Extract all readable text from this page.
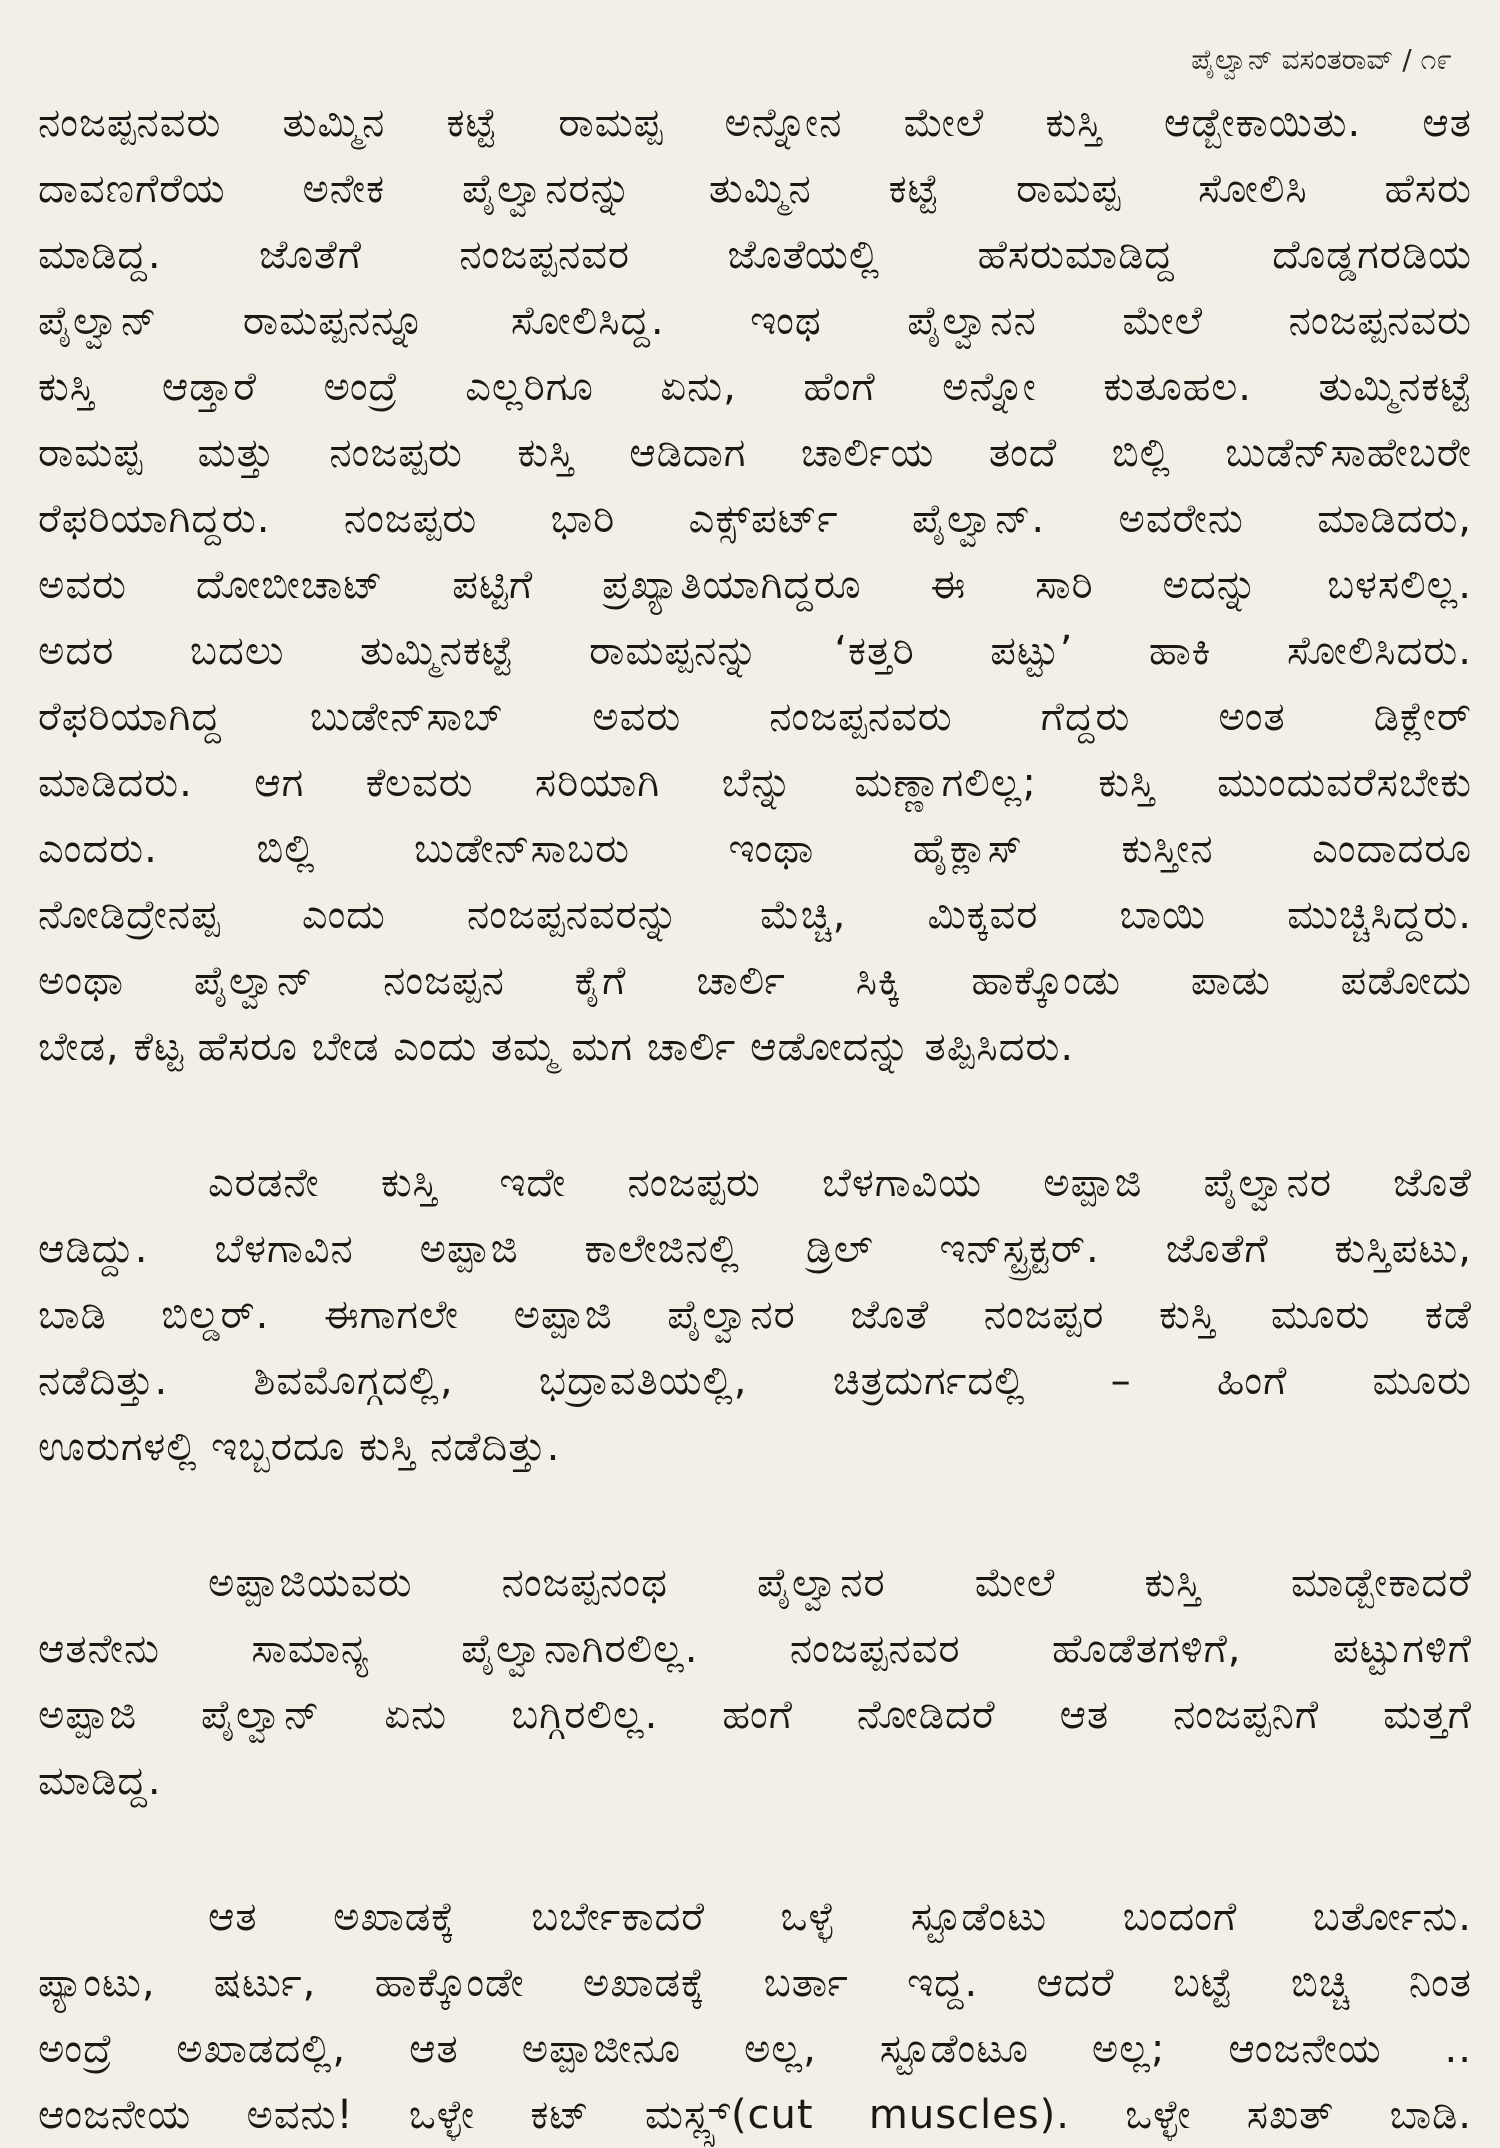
ಪೈಲ್ವಾನ್ ವಸಂತರಾವ್ / ೧೯
ನಂಜಪ್ಪನವರು ತುಮ್ಮಿನ ಕಟ್ಟೆ ರಾಮಪ್ಪ ಅನ್ನೋನ ಮೇಲೆ ಕುಸ್ತಿ ಆಡ್ಬೇಕಾಯಿತು. ಆತ
ದಾವಣಗೆರೆಯ ಅನೇಕ ಪೈಲ್ವಾನರನ್ನು ತುಮ್ಮಿನ ಕಟ್ಟೆ ರಾಮಪ್ಪ ಸೋಲಿಸಿ ಹೆಸರು
ಮಾಡಿದ್ದ. ಜೊತೆಗೆ ನಂಜಪ್ಪನವರ ಜೊತೆಯಲ್ಲಿ ಹೆಸರುಮಾಡಿದ್ದ ದೊಡ್ಡಗರಡಿಯ
ಪೈಲ್ವಾನ್ ರಾಮಪ್ಪನನ್ನೂ ಸೋಲಿಸಿದ್ದ. ಇಂಥ ಪೈಲ್ವಾನನ ಮೇಲೆ ನಂಜಪ್ಪನವರು
ಕುಸ್ತಿ ಆಡ್ತಾರೆ ಅಂದ್ರೆ ಎಲ್ಲರಿಗೂ ಏನು, ಹೆಂಗೆ ಅನ್ನೋ ಕುತೂಹಲ. ತುಮ್ಮಿನಕಟ್ಟೆ
ರಾಮಪ್ಪ ಮತ್ತು ನಂಜಪ್ಪರು ಕುಸ್ತಿ ಆಡಿದಾಗ ಚಾರ್ಲಿಯ ತಂದೆ ಬಿಲ್ಲಿ ಬುಡೆನ್‌ಸಾಹೇಬರೇ
ರೆಫರಿಯಾಗಿದ್ದರು. ನಂಜಪ್ಪರು ಭಾರಿ ಎಕ್ಸ್‌ಪರ್ಟ್ ಪೈಲ್ವಾನ್. ಅವರೇನು ಮಾಡಿದರು,
ಅವರು ದೋಬೀಚಾಟ್ ಪಟ್ಟಿಗೆ ಪ್ರಖ್ಯಾತಿಯಾಗಿದ್ದರೂ ಈ ಸಾರಿ ಅದನ್ನು ಬಳಸಲಿಲ್ಲ.
ಅದರ ಬದಲು ತುಮ್ಮಿನಕಟ್ಟೆ ರಾಮಪ್ಪನನ್ನು ‘ಕತ್ತರಿ ಪಟ್ಟು’ ಹಾಕಿ ಸೋಲಿಸಿದರು.
ರೆಫರಿಯಾಗಿದ್ದ ಬುಡೇನ್‌ಸಾಬ್ ಅವರು ನಂಜಪ್ಪನವರು ಗೆದ್ದರು ಅಂತ ಡಿಕ್ಲೇರ್
ಮಾಡಿದರು. ಆಗ ಕೆಲವರು ಸರಿಯಾಗಿ ಬೆನ್ನು ಮಣ್ಣಾಗಲಿಲ್ಲ; ಕುಸ್ತಿ ಮುಂದುವರೆಸಬೇಕು
ಎಂದರು. ಬಿಲ್ಲಿ ಬುಡೇನ್‌ಸಾಬರು ಇಂಥಾ ಹೈಕ್ಲಾಸ್ ಕುಸ್ತೀನ ಎಂದಾದರೂ
ನೋಡಿದ್ರೇನಪ್ಪ ಎಂದು ನಂಜಪ್ಪನವರನ್ನು ಮೆಚ್ಚಿ, ಮಿಕ್ಕವರ ಬಾಯಿ ಮುಚ್ಚಿಸಿದ್ದರು.
ಅಂಥಾ ಪೈಲ್ವಾನ್ ನಂಜಪ್ಪನ ಕೈಗೆ ಚಾರ್ಲಿ ಸಿಕ್ಕಿ ಹಾಕ್ಕೊಂಡು ಪಾಡು ಪಡೋದು
ಬೇಡ, ಕೆಟ್ಟ ಹೆಸರೂ ಬೇಡ ಎಂದು ತಮ್ಮ ಮಗ ಚಾರ್ಲಿ ಆಡೋದನ್ನು ತಪ್ಪಿಸಿದರು.
ಎರಡನೇ ಕುಸ್ತಿ ಇದೇ ನಂಜಪ್ಪರು ಬೆಳಗಾವಿಯ ಅಪ್ಪಾಜಿ ಪೈಲ್ವಾನರ ಜೊತೆ
ಆಡಿದ್ದು. ಬೆಳಗಾವಿನ ಅಪ್ಪಾಜಿ ಕಾಲೇಜಿನಲ್ಲಿ ಡ್ರಿಲ್ ಇನ್‌ಸ್ಟ್ರಕ್ಟರ್. ಜೊತೆಗೆ ಕುಸ್ತಿಪಟು,
ಬಾಡಿ ಬಿಲ್ಡರ್. ಈಗಾಗಲೇ ಅಪ್ಪಾಜಿ ಪೈಲ್ವಾನರ ಜೊತೆ ನಂಜಪ್ಪರ ಕುಸ್ತಿ ಮೂರು ಕಡೆ
ನಡೆದಿತ್ತು. ಶಿವಮೊಗ್ಗದಲ್ಲಿ, ಭದ್ರಾವತಿಯಲ್ಲಿ, ಚಿತ್ರದುರ್ಗದಲ್ಲಿ – ಹಿಂಗೆ ಮೂರು
ಊರುಗಳಲ್ಲಿ ಇಬ್ಬರದೂ ಕುಸ್ತಿ ನಡೆದಿತ್ತು.
ಅಪ್ಪಾಜಿಯವರು ನಂಜಪ್ಪನಂಥ ಪೈಲ್ವಾನರ ಮೇಲೆ ಕುಸ್ತಿ ಮಾಡ್ಬೇಕಾದರೆ
ಆತನೇನು ಸಾಮಾನ್ಯ ಪೈಲ್ವಾನಾಗಿರಲಿಲ್ಲ. ನಂಜಪ್ಪನವರ ಹೊಡೆತಗಳಿಗೆ, ಪಟ್ಟುಗಳಿಗೆ
ಅಪ್ಪಾಜಿ ಪೈಲ್ವಾನ್ ಏನು ಬಗ್ಗಿರಲಿಲ್ಲ. ಹಂಗೆ ನೋಡಿದರೆ ಆತ ನಂಜಪ್ಪನಿಗೆ ಮತ್ತಗೆ
ಮಾಡಿದ್ದ.
ಆತ ಅಖಾಡಕ್ಕೆ ಬರ್ಬೇಕಾದರೆ ಒಳ್ಳೆ ಸ್ಟೂಡೆಂಟು ಬಂದಂಗೆ ಬರ್ತೋನು.
ಪ್ಯಾಂಟು, ಷರ್ಟು, ಹಾಕ್ಕೊಂಡೇ ಅಖಾಡಕ್ಕೆ ಬರ್ತಾ ಇದ್ದ. ಆದರೆ ಬಟ್ಟೆ ಬಿಚ್ಚಿ ನಿಂತ
ಅಂದ್ರೆ ಅಖಾಡದಲ್ಲಿ, ಆತ ಅಪ್ಪಾಜೀನೂ ಅಲ್ಲ, ಸ್ಟೂಡೆಂಟೂ ಅಲ್ಲ; ಆಂಜನೇಯ ..
ಆಂಜನೇಯ ಅವನು! ಒಳ್ಳೇ ಕಟ್ ಮಸ್ಲ್ಸ್(cut muscles). ಒಳ್ಳೇ ಸಖತ್ ಬಾಡಿ.
